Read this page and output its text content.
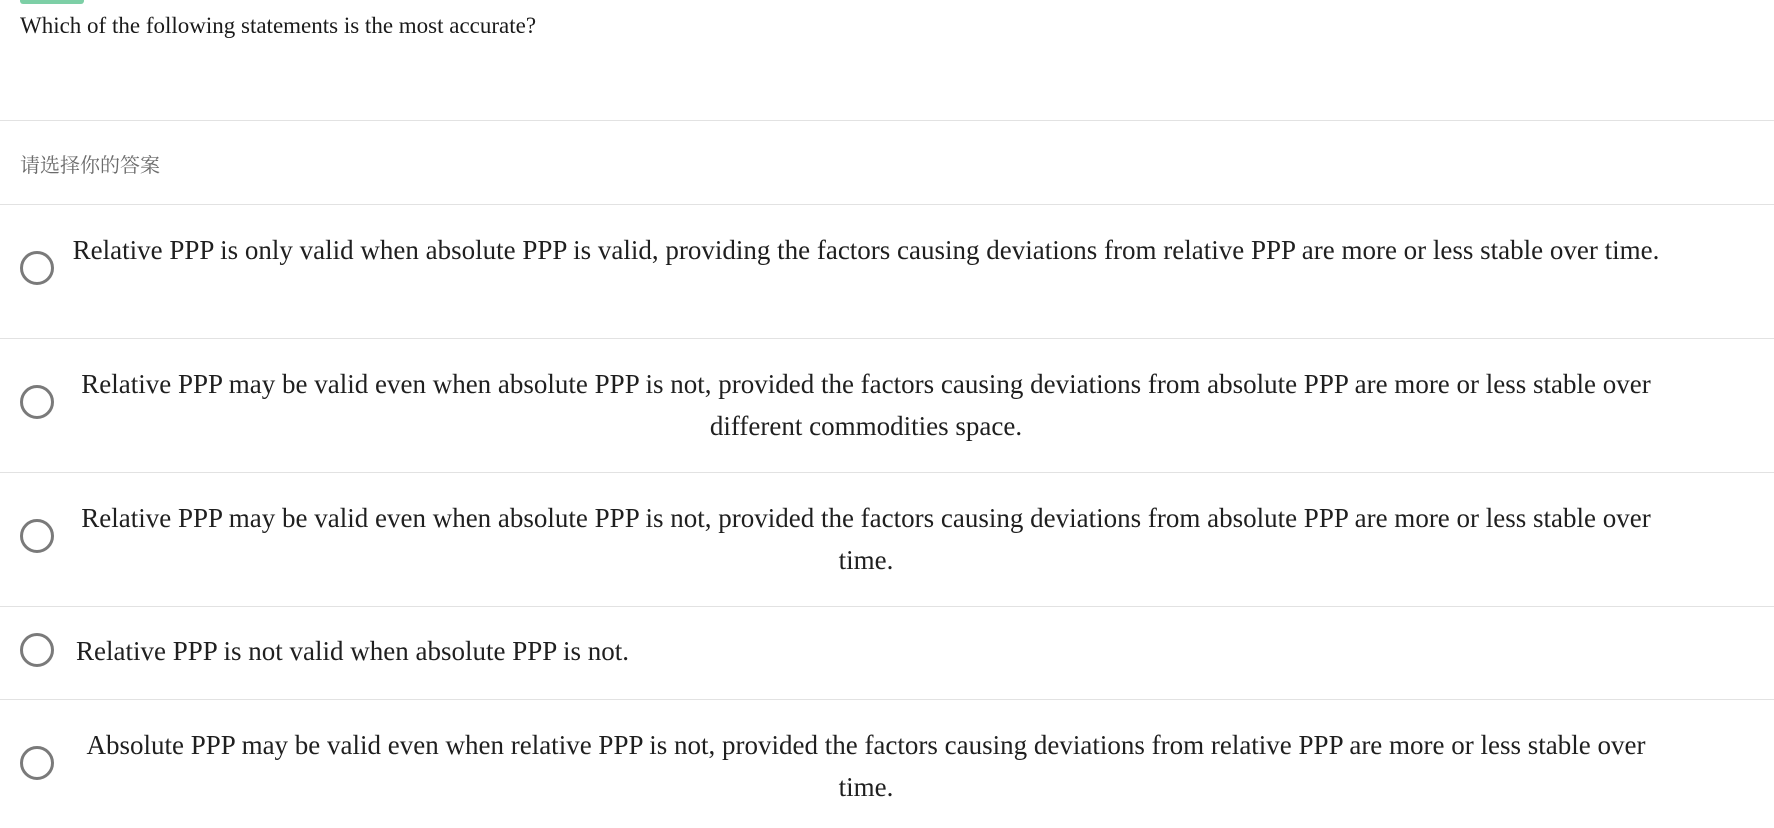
Which of the following statements is the most accurate?
请选择你的答案
Relative PPP is only valid when absolute PPP is valid, providing the factors causing deviations from relative PPP are more or less stable over time.
Relative PPP may be valid even when absolute PPP is not, provided the factors causing deviations from absolute PPP are more or less stable over different commodities space.
Relative PPP may be valid even when absolute PPP is not, provided the factors causing deviations from absolute PPP are more or less stable over time.
Relative PPP is not valid when absolute PPP is not.
Absolute PPP may be valid even when relative PPP is not, provided the factors causing deviations from relative PPP are more or less stable over time.
